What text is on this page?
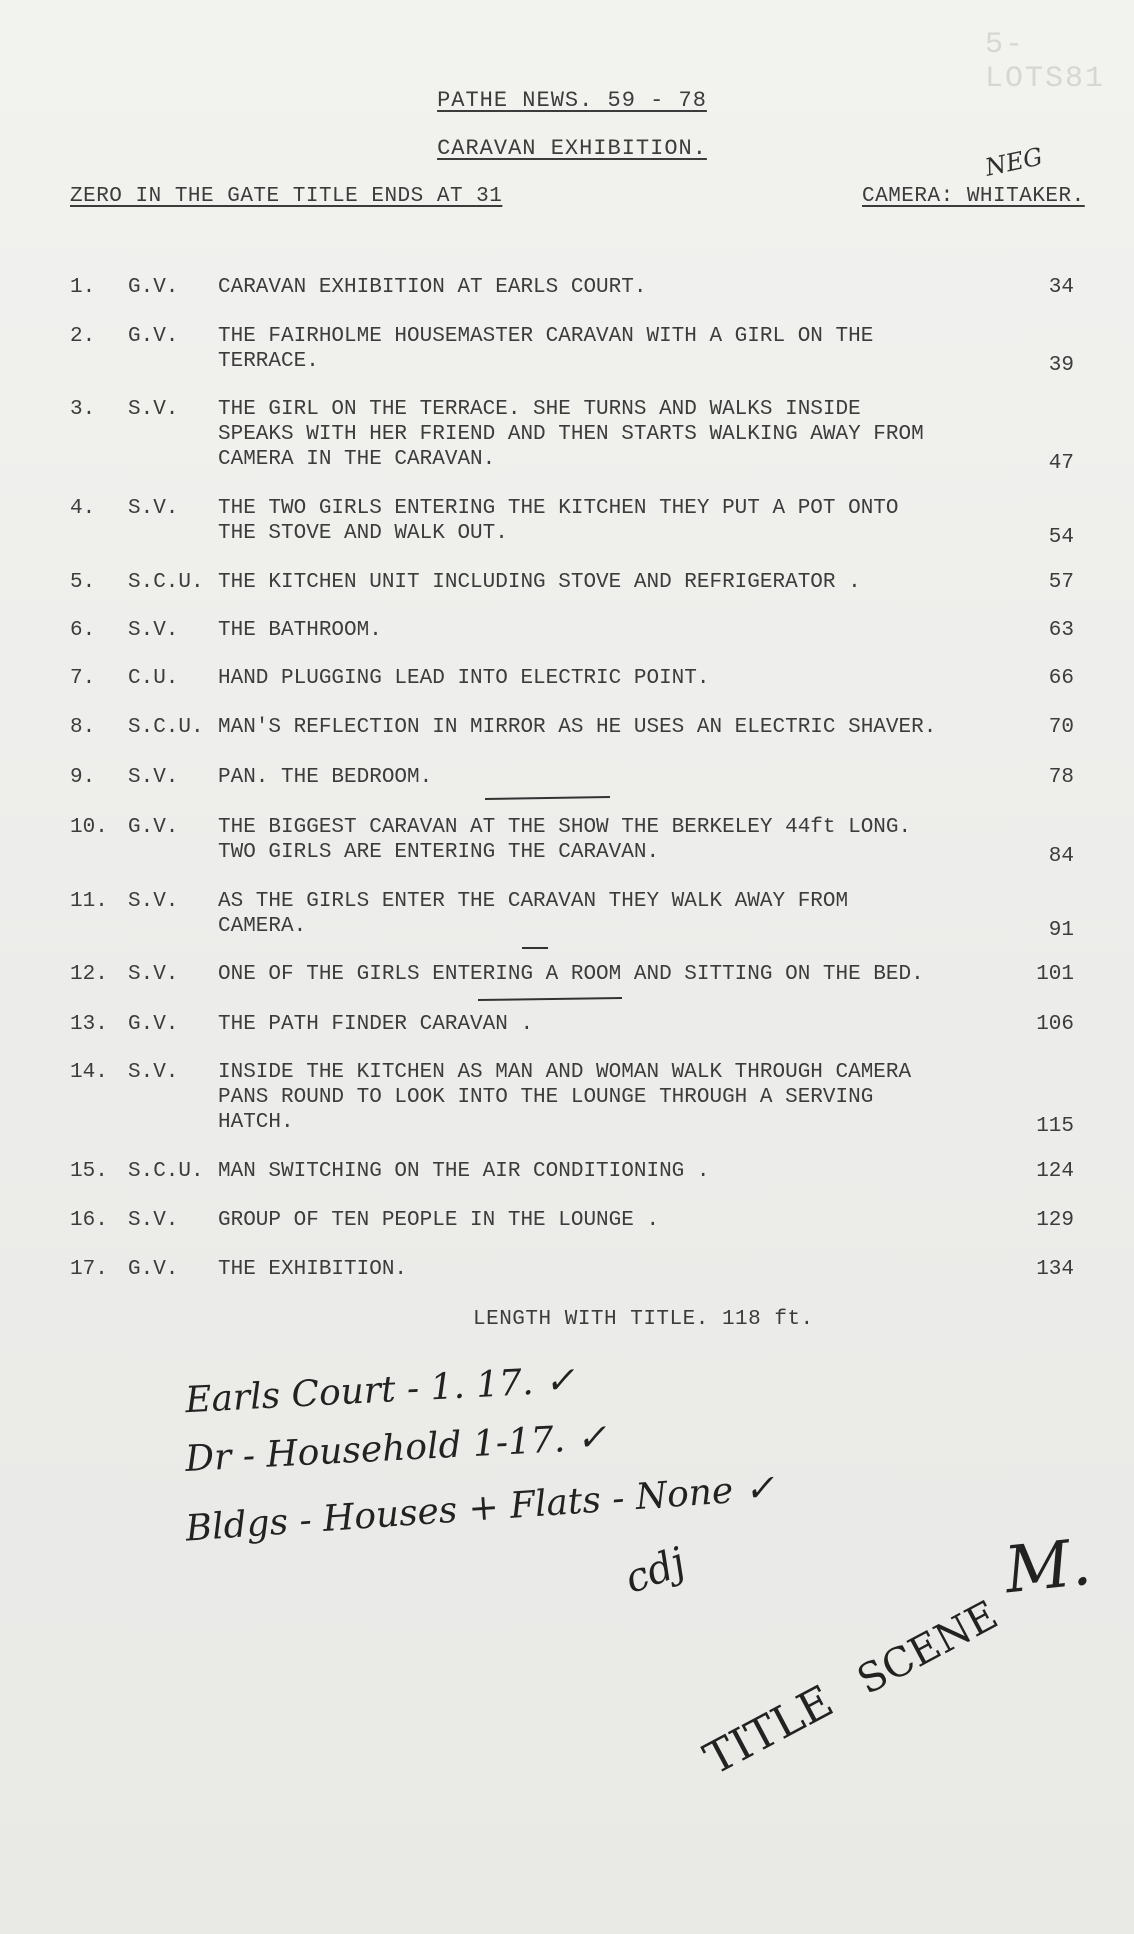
5-LOTS81
PATHE NEWS. 59 - 78
CARAVAN EXHIBITION.
ZERO IN THE GATE TITLE ENDS AT 31	CAMERA: WHITAKER.
NEG
1. G.V. CARAVAN EXHIBITION AT EARLS COURT.	34
2. G.V. THE FAIRHOLME HOUSEMASTER CARAVAN WITH A GIRL ON THE
TERRACE.	39
3. S.V. THE GIRL ON THE TERRACE. SHE TURNS AND WALKS INSIDE
SPEAKS WITH HER FRIEND AND THEN STARTS WALKING AWAY FROM
CAMERA IN THE CARAVAN.	47
4. S.V. THE TWO GIRLS ENTERING THE KITCHEN THEY PUT A POT ONTO
THE STOVE AND WALK OUT.	54
5. S.C.U. THE KITCHEN UNIT INCLUDING STOVE AND REFRIGERATOR .	57
6. S.V. THE BATHROOM.	63
7. C.U. HAND PLUGGING LEAD INTO ELECTRIC POINT.	66
8. S.C.U. MAN'S REFLECTION IN MIRROR AS HE USES AN ELECTRIC SHAVER.	70
9. S.V. PAN. THE BEDROOM.	78
10. G.V. THE BIGGEST CARAVAN AT THE SHOW THE BERKELEY 44ft LONG.
TWO GIRLS ARE ENTERING THE CARAVAN.	84
11. S.V. AS THE GIRLS ENTER THE CARAVAN THEY WALK AWAY FROM
CAMERA.	91
12. S.V. ONE OF THE GIRLS ENTERING A ROOM AND SITTING ON THE BED.	101
13. G.V. THE PATH FINDER CARAVAN .	106
14. S.V. INSIDE THE KITCHEN AS MAN AND WOMAN WALK THROUGH CAMERA
PANS ROUND TO LOOK INTO THE LOUNGE THROUGH A SERVING
HATCH.	115
15. S.C.U. MAN SWITCHING ON THE AIR CONDITIONING .	124
16. S.V. GROUP OF TEN PEOPLE IN THE LOUNGE .	129
17. G.V. THE EXHIBITION.	134
LENGTH WITH TITLE. 118 ft.
Earls Court - 1. 17. ✓
Dr - Household 1-17. ✓
Bldgs - Houses + Flats - None ✓
cdj	M.
TITLE
SCENE
